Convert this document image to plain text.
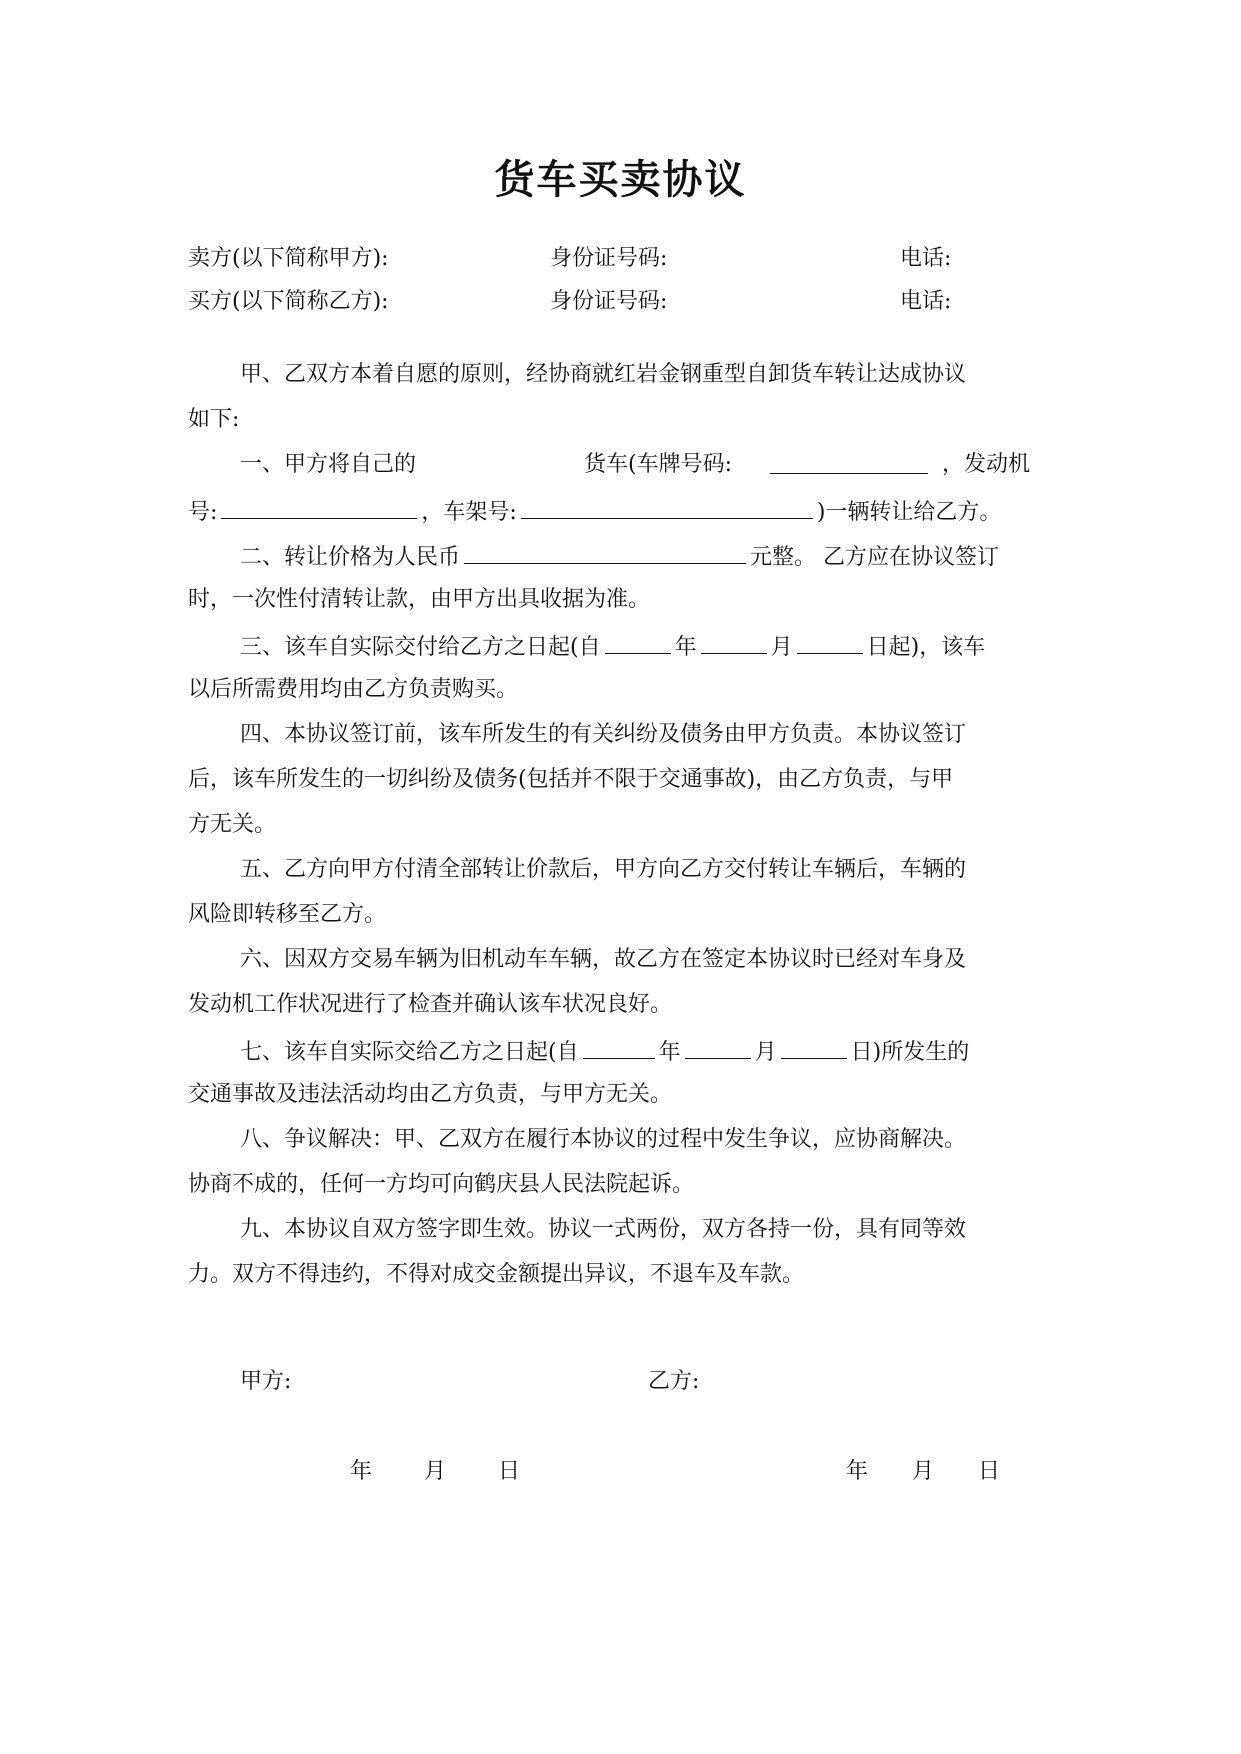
货车买卖协议
卖方(以下简称甲方):	身份证号码:	电话:
买方(以下简称乙方):	身份证号码:	电话:
甲、乙双方本着自愿的原则，经协商就红岩金钢重型自卸货车转让达成协议
如下:
一、甲方将自己的	货车(车牌号码:	，发动机
号:	，车架号:	)一辆转让给乙方。
二、转让价格为人民币	元整。 乙方应在协议签订
时，一次性付清转让款，由甲方出具收据为准。
三、该车自实际交付给乙方之日起(自	年	月	日起)，该车
以后所需费用均由乙方负责购买。
四、本协议签订前，该车所发生的有关纠纷及债务由甲方负责。本协议签订
后，该车所发生的一切纠纷及债务(包括并不限于交通事故)，由乙方负责，与甲
方无关。
五、乙方向甲方付清全部转让价款后，甲方向乙方交付转让车辆后，车辆的
风险即转移至乙方。
六、因双方交易车辆为旧机动车车辆，故乙方在签定本协议时已经对车身及
发动机工作状况进行了检查并确认该车状况良好。
七、该车自实际交给乙方之日起(自	年	月	日)所发生的
交通事故及违法活动均由乙方负责，与甲方无关。
八、争议解决：甲、乙双方在履行本协议的过程中发生争议，应协商解决。
协商不成的，任何一方均可向鹤庆县人民法院起诉。
九、本协议自双方签字即生效。协议一式两份，双方各持一份，具有同等效
力。双方不得违约，不得对成交金额提出异议，不退车及车款。
甲方:	乙方:
年 月 日	年 月 日
